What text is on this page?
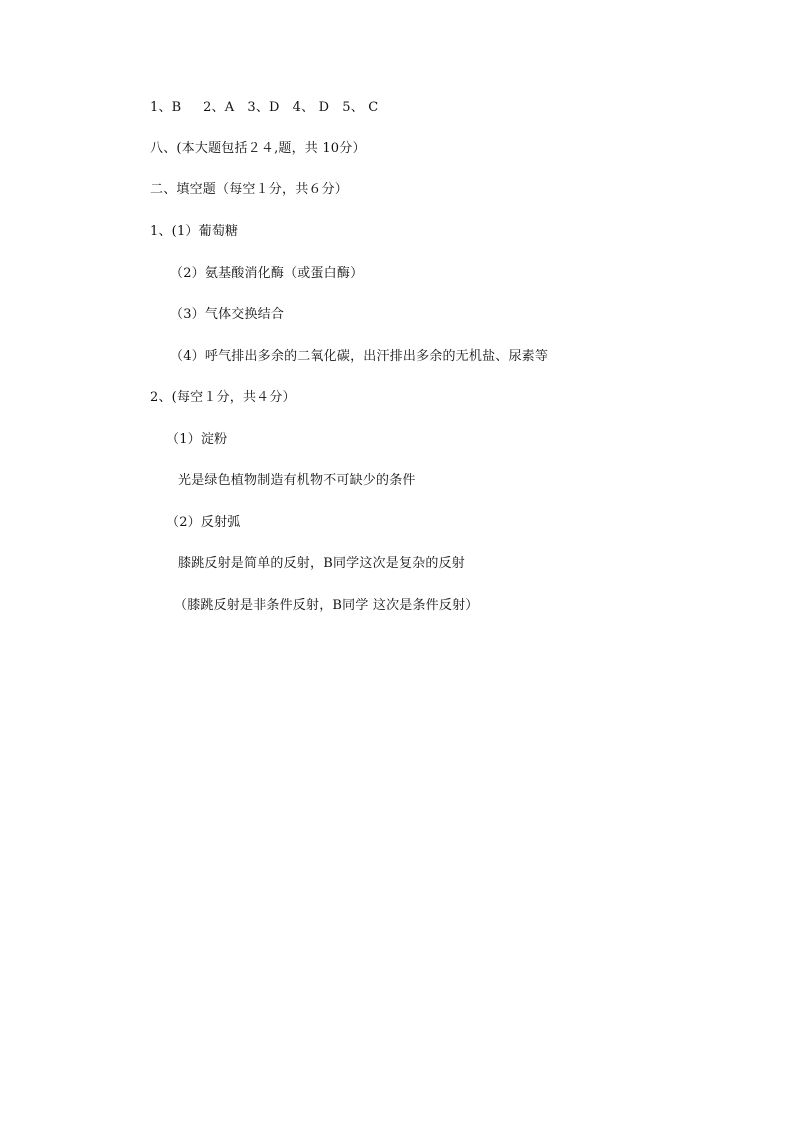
1、B     2、A   3、D   4、 D   5、 C
八、(本大题包括２４,题，共 10分）
二、填空题（每空１分，共６分）
1、(1）葡萄糖
（2）氨基酸消化酶（或蛋白酶）
（3）气体交换结合
（4）呼气排出多余的二氧化碳，出汗排出多余的无机盐、尿素等
2、(每空１分，共４分）
（1）淀粉
光是绿色植物制造有机物不可缺少的条件
（2）反射弧
膝跳反射是简单的反射，B同学这次是复杂的反射
（膝跳反射是非条件反射，B同学 这次是条件反射）
